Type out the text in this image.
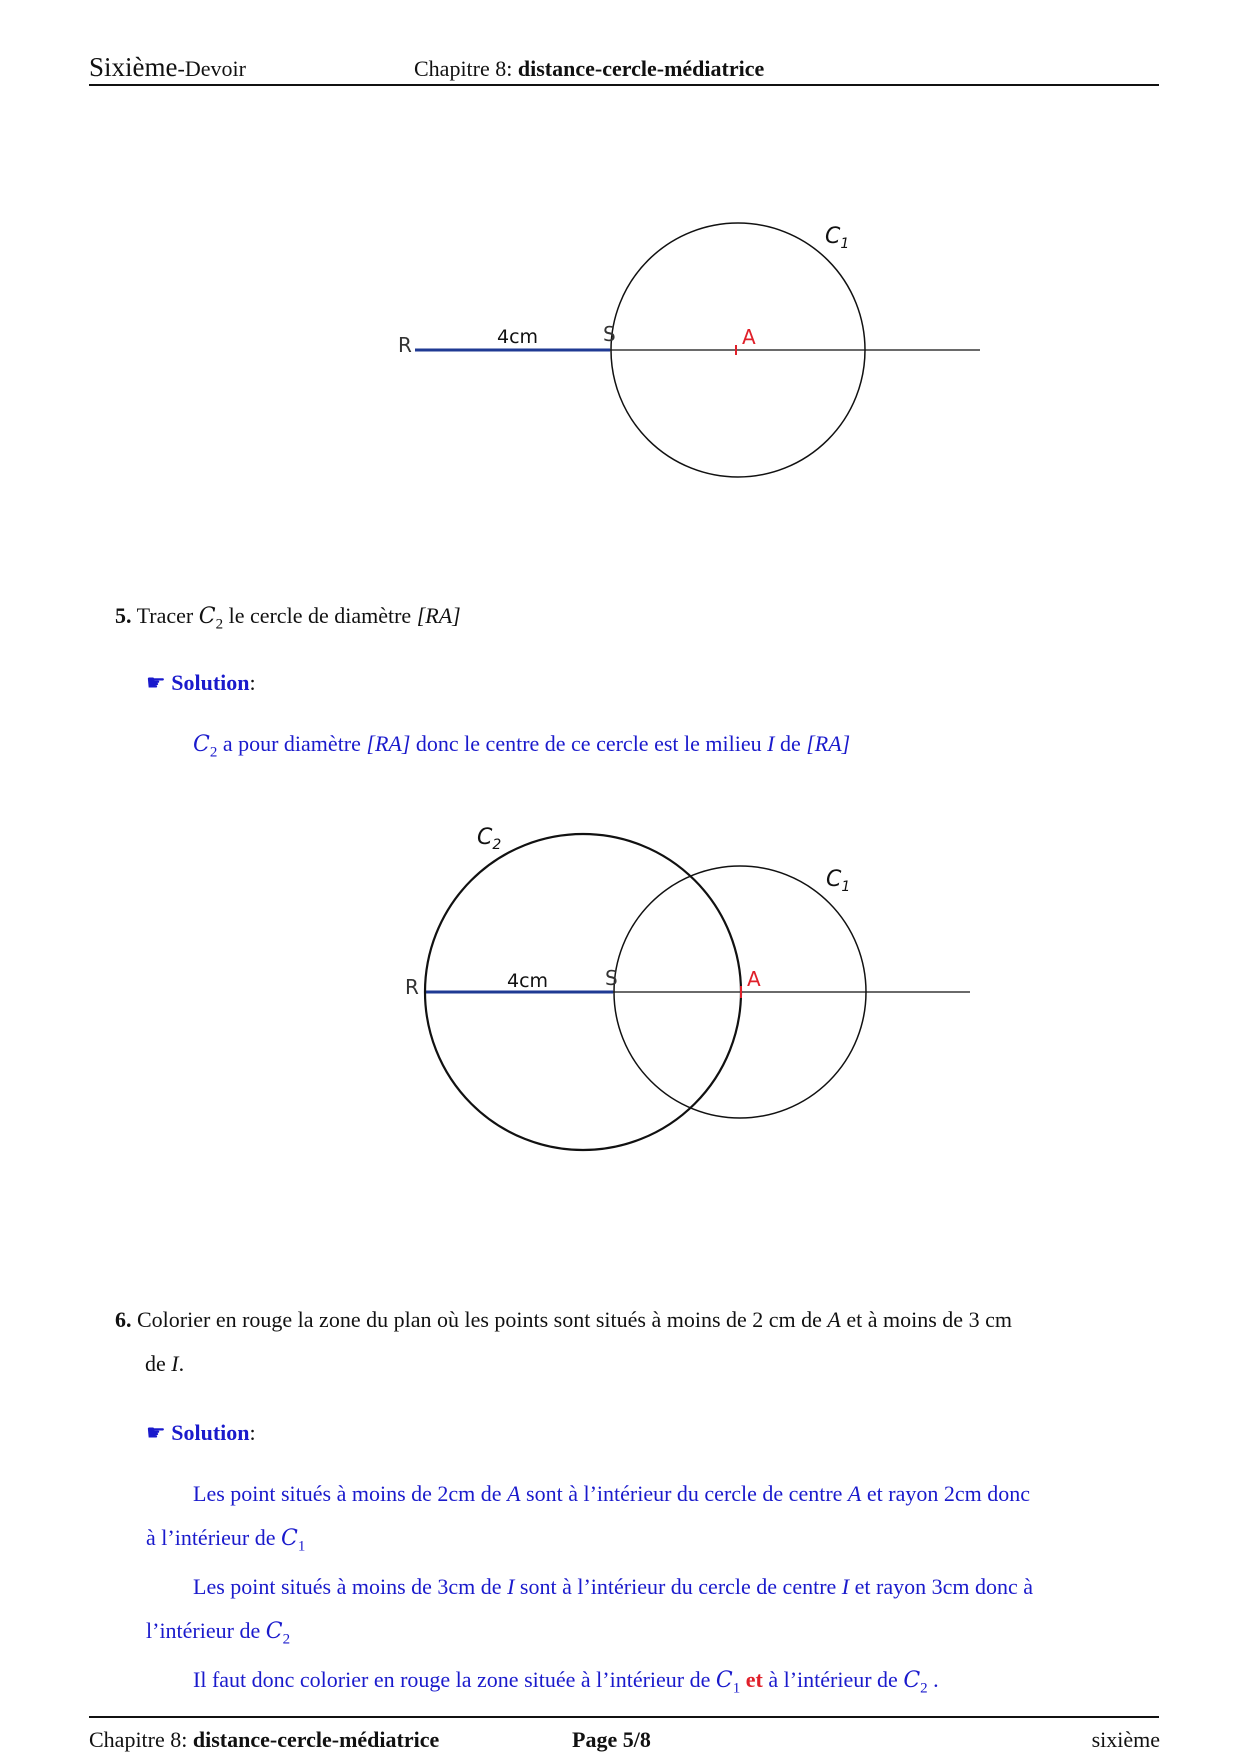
Sixième-Devoir	Chapitre 8: distance-cercle-médiatrice
R	4cm	S	A
$C_1$
5. Tracer $C_2$ le cercle de diamètre [RA]
☛ Solution:
$C_2$ a pour diamètre [RA] donc le centre de ce cercle est le milieu I de [RA]
R	4cm	S	A
$C_2$
$C_1$
6. Colorier en rouge la zone du plan où les points sont situés à moins de 2 cm de A et à moins de 3 cm
de I.
☛ Solution:
Les point situés à moins de 2cm de A sont à l’intérieur du cercle de centre A et rayon 2cm donc
à l’intérieur de $C_1$
Les point situés à moins de 3cm de I sont à l’intérieur du cercle de centre I et rayon 3cm donc à
l’intérieur de $C_2$
Il faut donc colorier en rouge la zone située à l’intérieur de $C_1$ et à l’intérieur de $C_2$ .
Chapitre 8: distance-cercle-médiatrice	Page 5/8	sixième
